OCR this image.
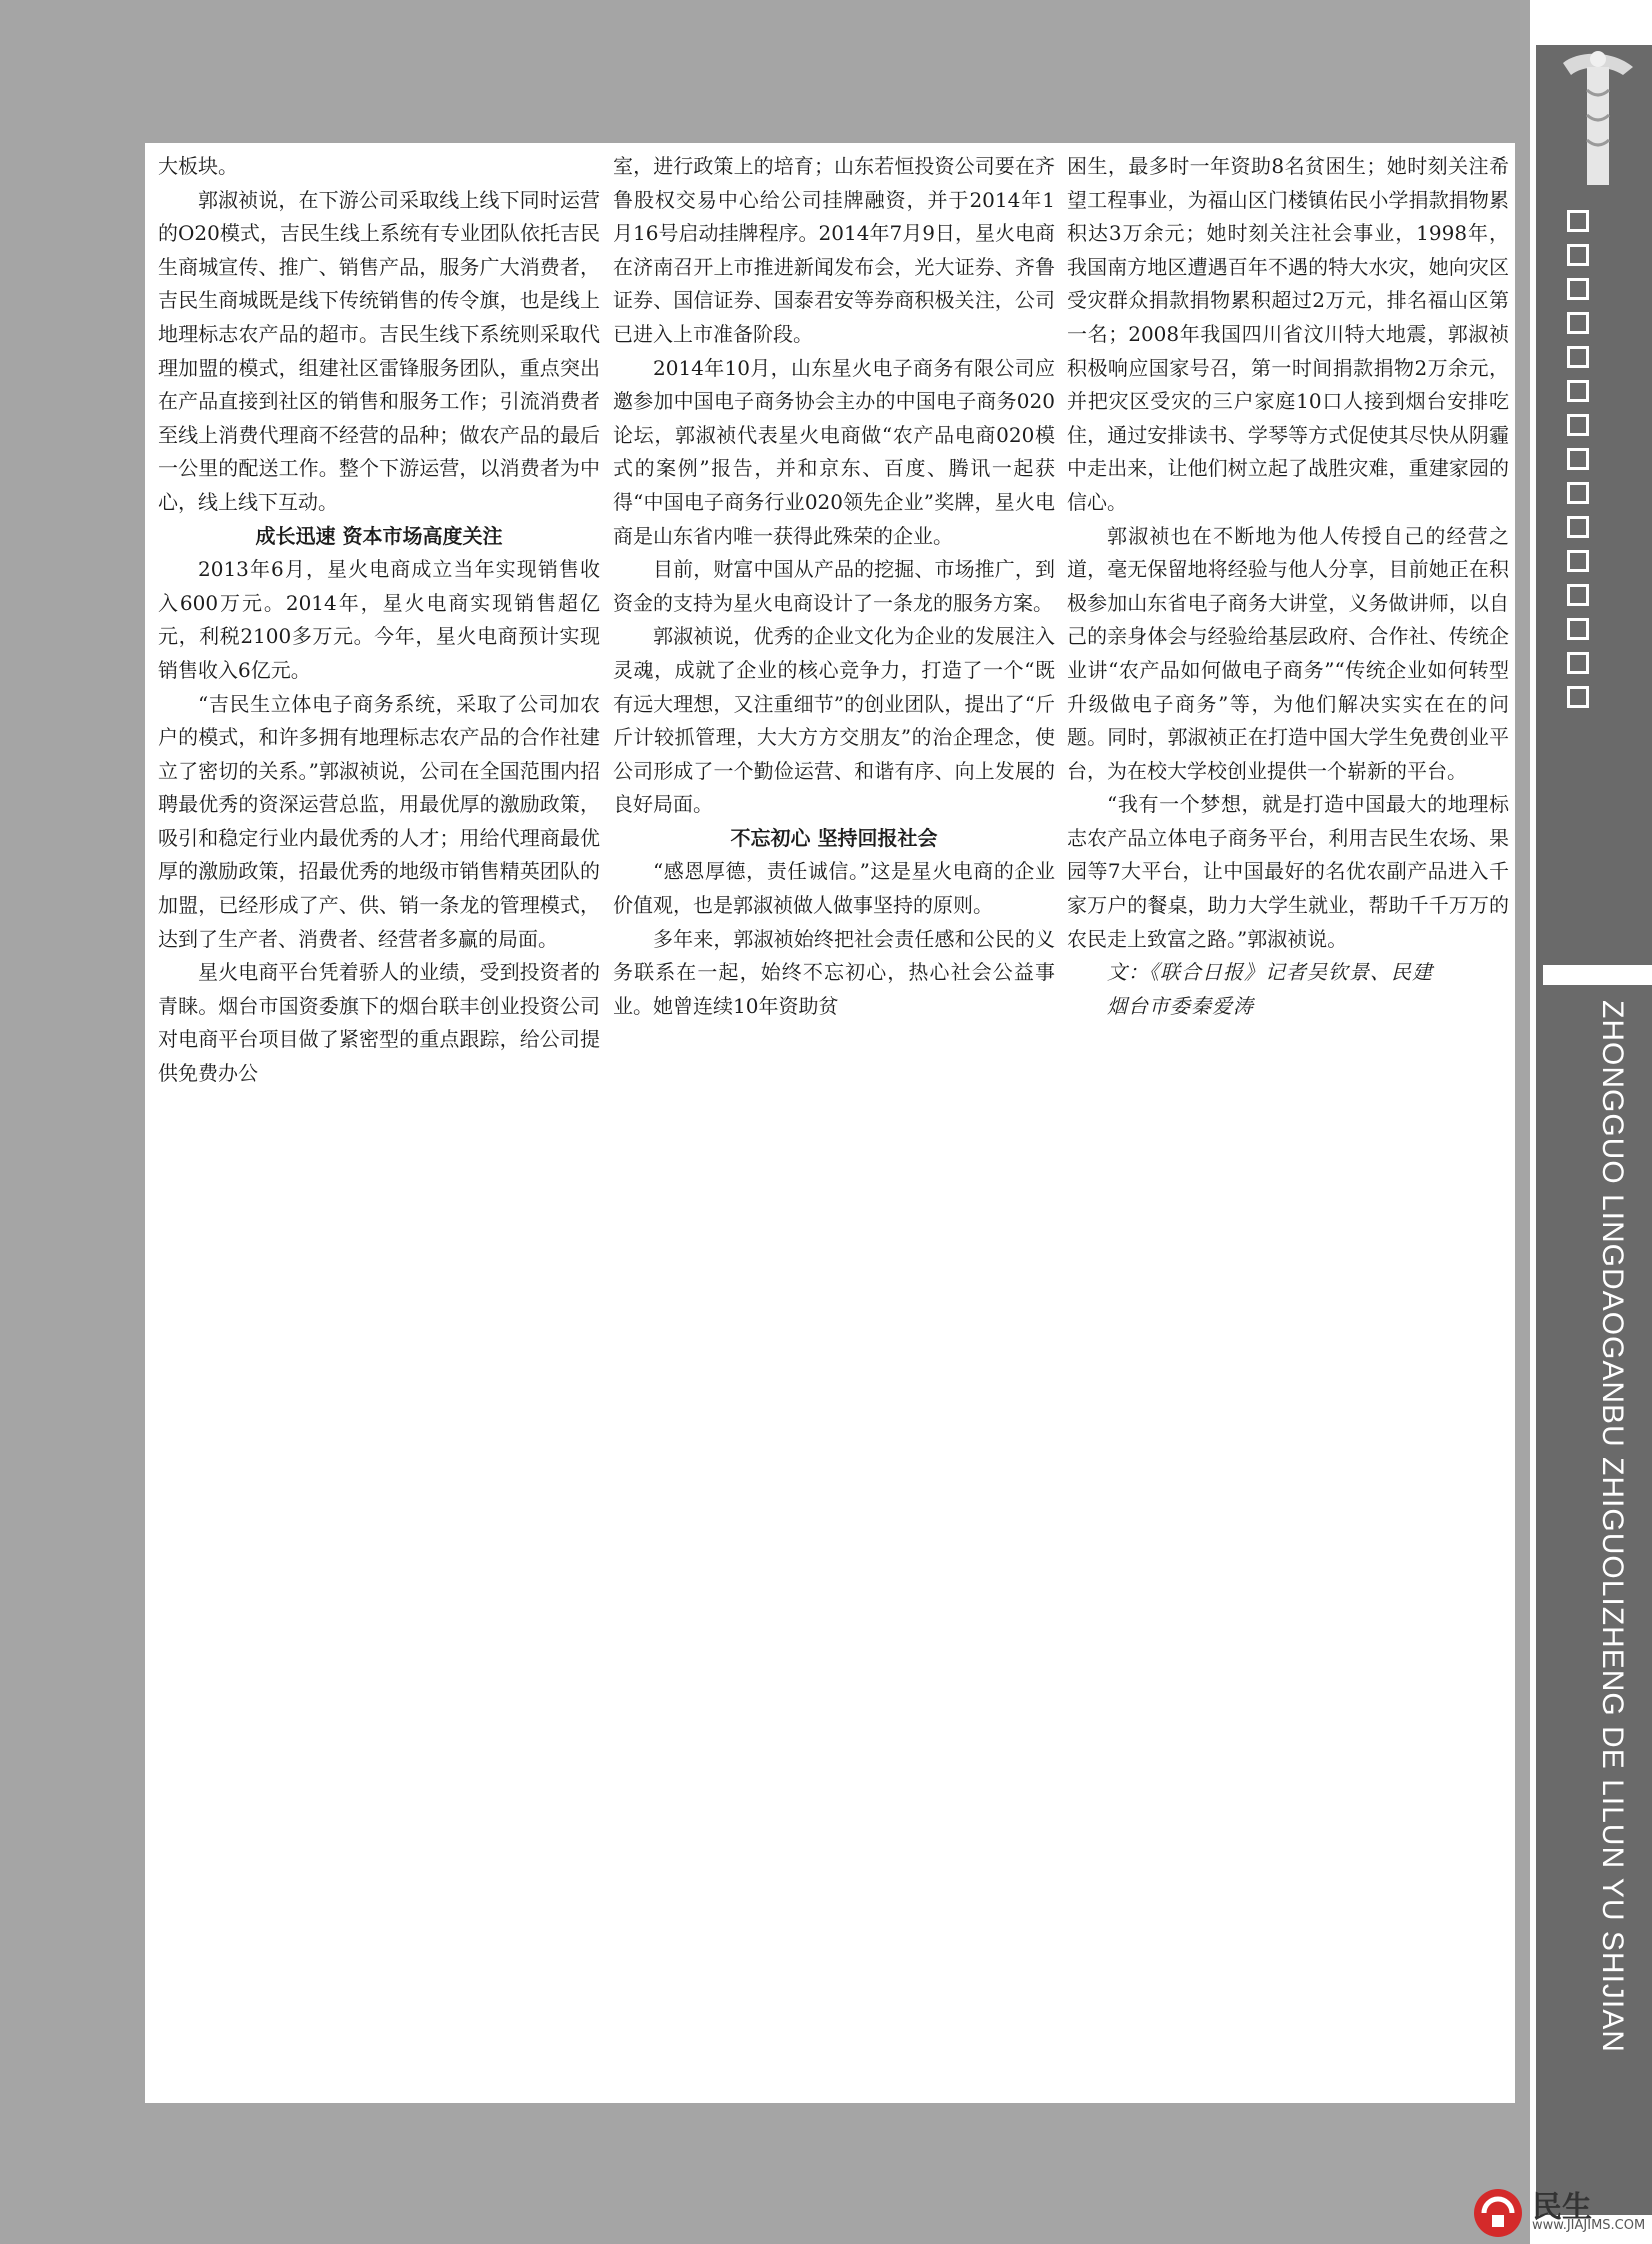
大板块。

郭淑祯说，在下游公司采取线上线下同时运营的O20模式，吉民生线上系统有专业团队依托吉民生商城宣传、推广、销售产品，服务广大消费者，吉民生商城既是线下传统销售的传令旗，也是线上地理标志农产品的超市。吉民生线下系统则采取代理加盟的模式，组建社区雷锋服务团队，重点突出在产品直接到社区的销售和服务工作；引流消费者至线上消费代理商不经营的品种；做农产品的最后一公里的配送工作。整个下游运营，以消费者为中心，线上线下互动。

成长迅速 资本市场高度关注

2013年6月，星火电商成立当年实现销售收入600万元。2014年，星火电商实现销售超亿元，利税2100多万元。今年，星火电商预计实现销售收入6亿元。

“吉民生立体电子商务系统，采取了公司加农户的模式，和许多拥有地理标志农产品的合作社建立了密切的关系。”郭淑祯说，公司在全国范围内招聘最优秀的资深运营总监，用最优厚的激励政策，吸引和稳定行业内最优秀的人才；用给代理商最优厚的激励政策，招最优秀的地级市销售精英团队的加盟，已经形成了产、供、销一条龙的管理模式，达到了生产者、消费者、经营者多赢的局面。

星火电商平台凭着骄人的业绩，受到投资者的青睐。烟台市国资委旗下的烟台联丰创业投资公司对电商平台项目做了紧密型的重点跟踪，给公司提供免费办公

室，进行政策上的培育；山东若恒投资公司要在齐鲁股权交易中心给公司挂牌融资，并于2014年1月16号启动挂牌程序。2014年7月9日，星火电商在济南召开上市推进新闻发布会，光大证券、齐鲁证券、国信证券、国泰君安等券商积极关注，公司已进入上市准备阶段。

2014年10月，山东星火电子商务有限公司应邀参加中国电子商务协会主办的中国电子商务020论坛，郭淑祯代表星火电商做“农产品电商020模式的案例”报告，并和京东、百度、腾讯一起获得“中国电子商务行业020领先企业”奖牌，星火电商是山东省内唯一获得此殊荣的企业。

目前，财富中国从产品的挖掘、市场推广，到资金的支持为星火电商设计了一条龙的服务方案。

郭淑祯说，优秀的企业文化为企业的发展注入灵魂，成就了企业的核心竞争力，打造了一个“既有远大理想，又注重细节”的创业团队，提出了“斤斤计较抓管理，大大方方交朋友”的治企理念，使公司形成了一个勤俭运营、和谐有序、向上发展的良好局面。

不忘初心 坚持回报社会

“感恩厚德，责任诚信。”这是星火电商的企业价值观，也是郭淑祯做人做事坚持的原则。

多年来，郭淑祯始终把社会责任感和公民的义务联系在一起，始终不忘初心，热心社会公益事业。她曾连续10年资助贫

困生，最多时一年资助8名贫困生；她时刻关注希望工程事业，为福山区门楼镇佑民小学捐款捐物累积达3万余元；她时刻关注社会事业，1998年，我国南方地区遭遇百年不遇的特大水灾，她向灾区受灾群众捐款捐物累积超过2万元，排名福山区第一名；2008年我国四川省汶川特大地震，郭淑祯积极响应国家号召，第一时间捐款捐物2万余元，并把灾区受灾的三户家庭10口人接到烟台安排吃住，通过安排读书、学琴等方式促使其尽快从阴霾中走出来，让他们树立起了战胜灾难，重建家园的信心。

郭淑祯也在不断地为他人传授自己的经营之道，毫无保留地将经验与他人分享，目前她正在积极参加山东省电子商务大讲堂，义务做讲师，以自己的亲身体会与经验给基层政府、合作社、传统企业讲“农产品如何做电子商务”“传统企业如何转型升级做电子商务”等，为他们解决实实在在的问题。同时，郭淑祯正在打造中国大学生免费创业平台，为在校大学校创业提供一个崭新的平台。

“我有一个梦想，就是打造中国最大的地理标志农产品立体电子商务平台，利用吉民生农场、果园等7大平台，让中国最好的名优农副产品进入千家万户的餐桌，助力大学生就业，帮助千千万万的农民走上致富之路。”郭淑祯说。

文：《联合日报》记者吴钦景、民建

烟台市委秦爱涛	ZHONGGUO LINGDAOGANBU ZHIGUOLIZHENG DE LILUN YU SHIJIAN
民生
www.JIAJIMS.COM
